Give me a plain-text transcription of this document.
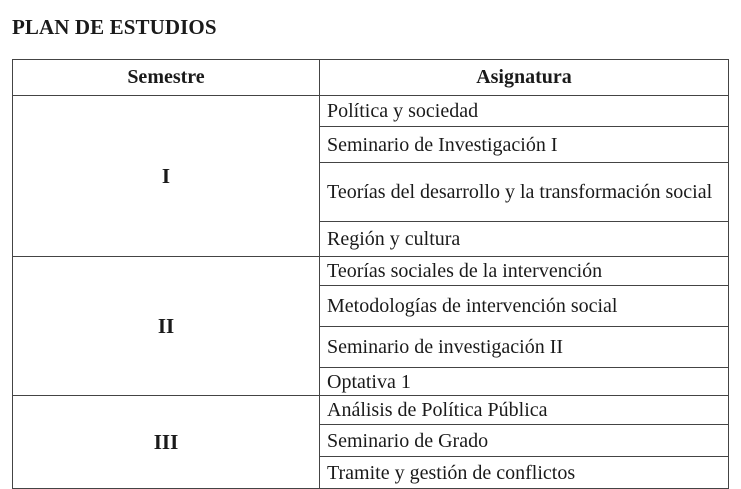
PLAN DE ESTUDIOS
Semestre	Asignatura
I	Política y sociedad
	Seminario de Investigación I
	Teorías del desarrollo y la transformación social
	Región y cultura
II	Teorías sociales de la intervención
	Metodologías de intervención social
	Seminario de investigación II
	Optativa 1
III	Análisis de Política Pública
	Seminario de Grado
	Tramite y gestión de conflictos
